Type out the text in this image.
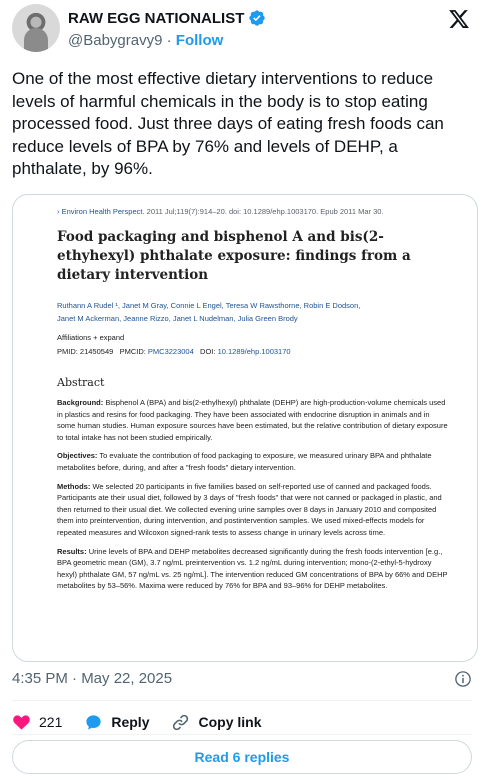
RAW EGG NATIONALIST
@Babygravy9 · Follow

One of the most effective dietary interventions to reduce levels of harmful chemicals in the body is to stop eating processed food. Just three days of eating fresh foods can reduce levels of BPA by 76% and levels of DEHP, a phthalate, by 96%.

› Environ Health Perspect. 2011 Jul;119(7):914–20. doi: 10.1289/ehp.1003170. Epub 2011 Mar 30.
Food packaging and bisphenol A and bis(2-ethyhexyl) phthalate exposure: findings from a dietary intervention
Ruthann A Rudel ¹, Janet M Gray, Connie L Engel, Teresa W Rawsthorne, Robin E Dodson,
Janet M Ackerman, Jeanne Rizzo, Janet L Nudelman, Julia Green Brody
Affiliations + expand
PMID: 21450549 PMCID: PMC3223004 DOI: 10.1289/ehp.1003170
Abstract

Background: Bisphenol A (BPA) and bis(2-ethylhexyl) phthalate (DEHP) are high-production-volume chemicals used in plastics and resins for food packaging. They have been associated with endocrine disruption in animals and in some human studies. Human exposure sources have been estimated, but the relative contribution of dietary exposure to total intake has not been studied empirically.

Objectives: To evaluate the contribution of food packaging to exposure, we measured urinary BPA and phthalate metabolites before, during, and after a "fresh foods" dietary intervention.

Methods: We selected 20 participants in five families based on self-reported use of canned and packaged foods. Participants ate their usual diet, followed by 3 days of "fresh foods" that were not canned or packaged in plastic, and then returned to their usual diet. We collected evening urine samples over 8 days in January 2010 and composited them into preintervention, during intervention, and postintervention samples. We used mixed-effects models for repeated measures and Wilcoxon signed-rank tests to assess change in urinary levels across time.

Results: Urine levels of BPA and DEHP metabolites decreased significantly during the fresh foods intervention [e.g., BPA geometric mean (GM), 3.7 ng/mL preintervention vs. 1.2 ng/mL during intervention; mono-(2-ethyl-5-hydroxy hexyl) phthalate GM, 57 ng/mL vs. 25 ng/mL]. The intervention reduced GM concentrations of BPA by 66% and DEHP metabolites by 53–56%. Maxima were reduced by 76% for BPA and 93–96% for DEHP metabolites.

4:35 PM · May 22, 2025
221	Reply	Copy link
Read 6 replies
